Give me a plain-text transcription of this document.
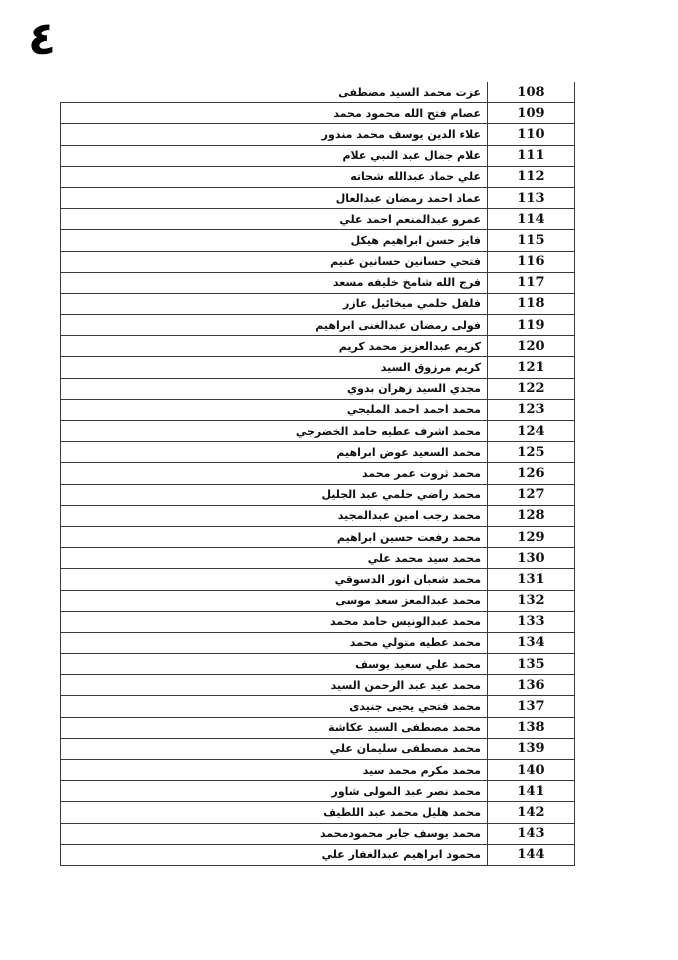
٤
108	عزت محمد السيد مصطفى
109	عصام فتح الله محمود محمد
110	علاء الدين يوسف محمد مندور
111	علام جمال عبد النبي علام
112	علي حماد عبدالله شحاته
113	عماد احمد رمضان عبدالعال
114	عمرو عبدالمنعم احمد علي
115	فايز حسن ابراهيم هيكل
116	فتحي حسانين حسانين غنيم
117	فرج الله شامخ خليفه مسعد
118	فلفل حلمي ميخائيل عازر
119	فولى رمضان عبدالغنى ابراهيم
120	كريم عبدالعزيز محمد كريم
121	كريم مرزوق السيد
122	مجدي السيد زهران بدوي
123	محمد احمد احمد المليجي
124	محمد اشرف عطيه حامد الخضرجي
125	محمد السعيد عوض ابراهيم
126	محمد ثروت عمر محمد
127	محمد راضي حلمي عبد الجليل
128	محمد رجب امين عبدالمجيد
129	محمد رفعت حسين ابراهيم
130	محمد سيد محمد علي
131	محمد شعبان انور الدسوقي
132	محمد عبدالمعز سعد موسى
133	محمد عبدالونيس حامد محمد
134	محمد عطيه متولي محمد
135	محمد علي سعيد يوسف
136	محمد عيد عبد الرحمن السيد
137	محمد فتحي يحيى جنيدى
138	محمد مصطفى السيد عكاشة
139	محمد مصطفى سليمان علي
140	محمد مكرم محمد سيد
141	محمد نصر عبد المولى شاور
142	محمد هليل محمد عبد اللطيف
143	محمد يوسف جابر محمودمحمد
144	محمود ابراهيم عبدالغفار علي
